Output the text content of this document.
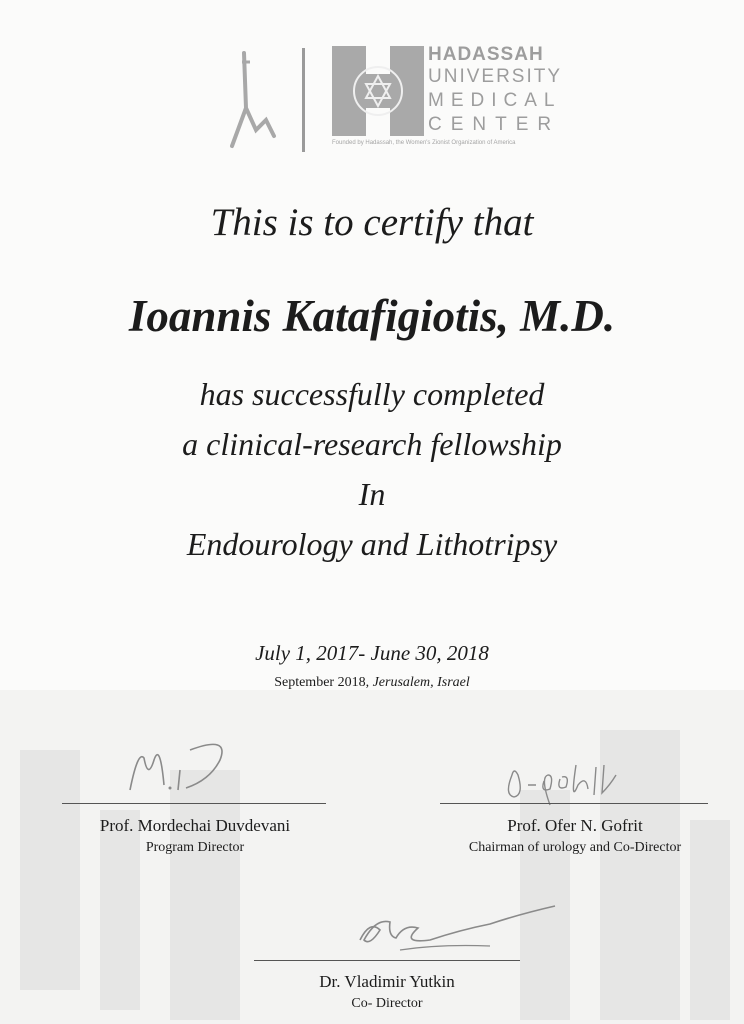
HADASSAH
UNIVERSITY
MEDICAL
CENTER
Founded by Hadassah, the Women's Zionist Organization of America
This is to certify that
Ioannis Katafigiotis, M.D.
has successfully completed
a clinical-research fellowship
In
Endourology and Lithotripsy
July 1, 2017- June 30, 2018
September 2018, Jerusalem, Israel
Prof. Mordechai Duvdevani
Program Director
Prof. Ofer N. Gofrit
Chairman of urology and Co-Director
Dr. Vladimir Yutkin
Co- Director
